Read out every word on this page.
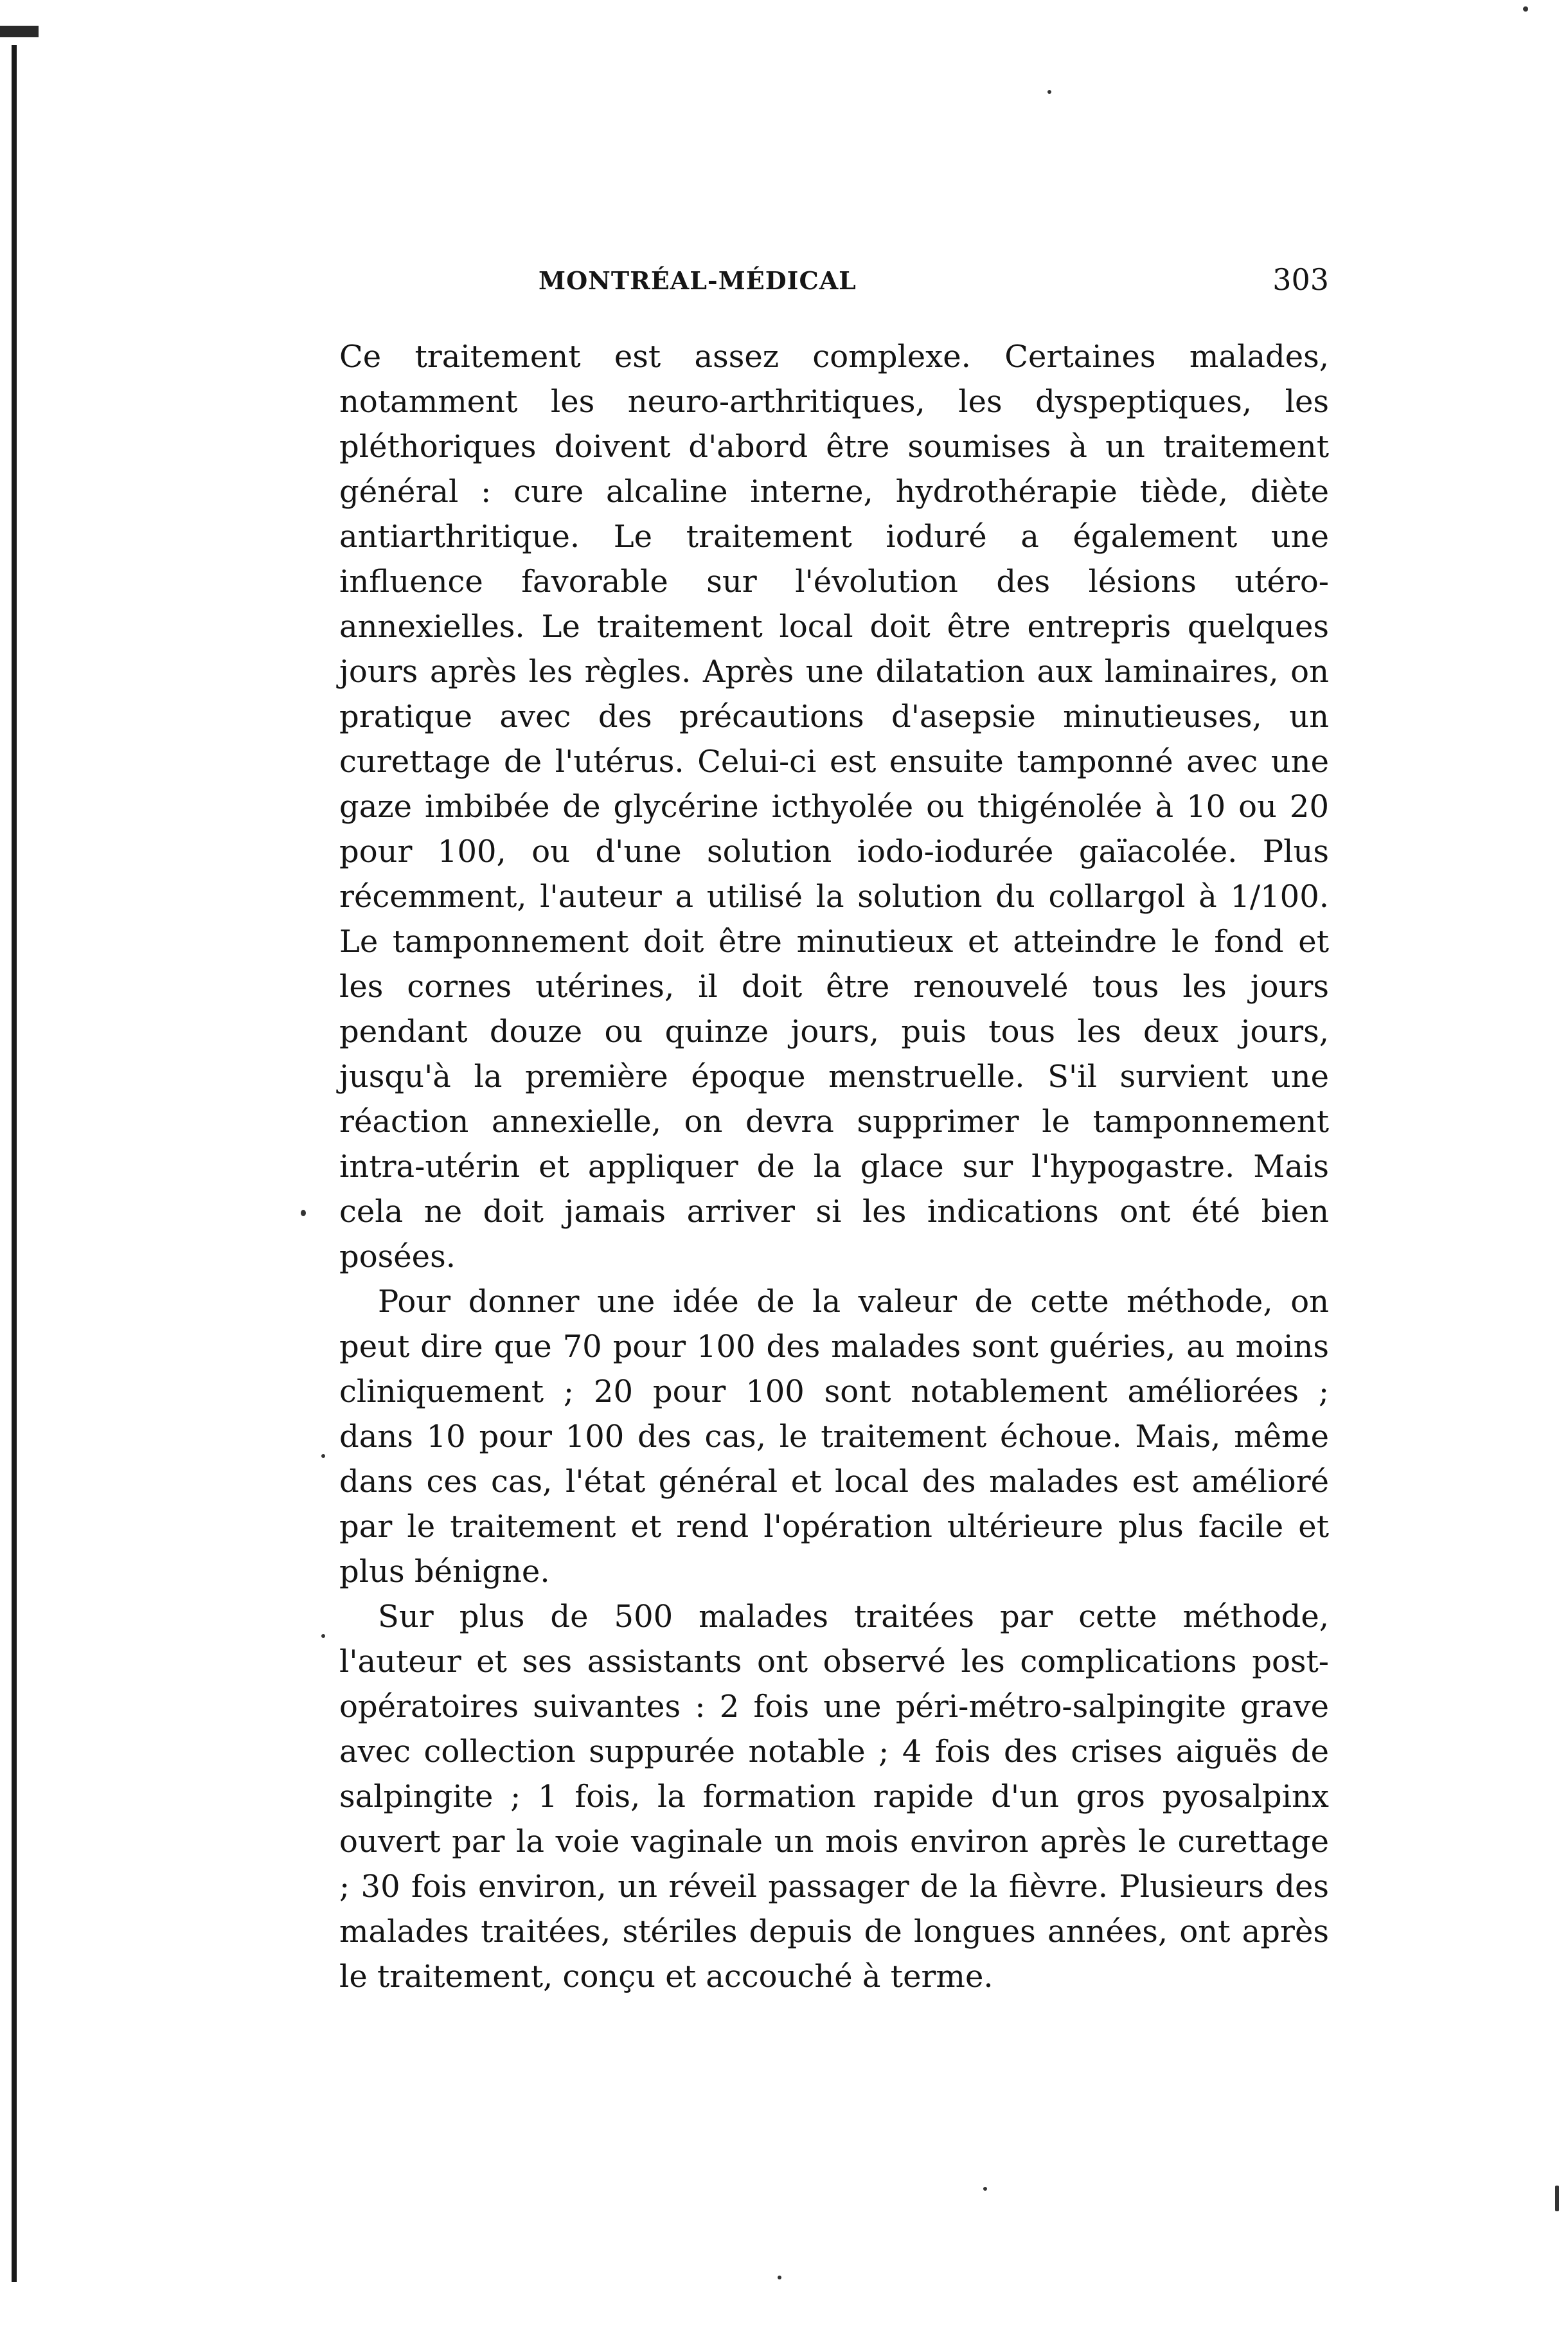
MONTRÉAL-MÉDICAL	303

Ce traitement est assez complexe. Certaines malades, notamment les neuro-arthritiques, les dyspeptiques, les pléthoriques doivent d'abord être soumises à un traitement général : cure alcaline interne, hydrothérapie tiède, diète antiarthritique. Le traitement ioduré a également une influence favorable sur l'évolution des lésions utéro-annexielles. Le traitement local doit être entrepris quelques jours après les règles. Après une dilatation aux laminaires, on pratique avec des précautions d'asepsie minutieuses, un curettage de l'utérus. Celui-ci est ensuite tamponné avec une gaze imbibée de glycérine icthyolée ou thigénolée à 10 ou 20 pour 100, ou d'une solution iodo-iodurée gaïacolée. Plus récemment, l'auteur a utilisé la solution du collargol à 1/100. Le tamponnement doit être minutieux et atteindre le fond et les cornes utérines, il doit être renouvelé tous les jours pendant douze ou quinze jours, puis tous les deux jours, jusqu'à la première époque menstruelle. S'il survient une réaction annexielle, on devra supprimer le tamponnement intra-utérin et appliquer de la glace sur l'hypogastre. Mais cela ne doit jamais arriver si les indications ont été bien posées.

Pour donner une idée de la valeur de cette méthode, on peut dire que 70 pour 100 des malades sont guéries, au moins cliniquement ; 20 pour 100 sont notablement améliorées ; dans 10 pour 100 des cas, le traitement échoue. Mais, même dans ces cas, l'état général et local des malades est amélioré par le traitement et rend l'opération ultérieure plus facile et plus bénigne.

Sur plus de 500 malades traitées par cette méthode, l'auteur et ses assistants ont observé les complications post-opératoires suivantes : 2 fois une péri-métro-salpingite grave avec collection suppurée notable ; 4 fois des crises aiguës de salpingite ; 1 fois, la formation rapide d'un gros pyosalpinx ouvert par la voie vaginale un mois environ après le curettage ; 30 fois environ, un réveil passager de la fièvre. Plusieurs des malades traitées, stériles depuis de longues années, ont après le traitement, conçu et accouché à terme.
